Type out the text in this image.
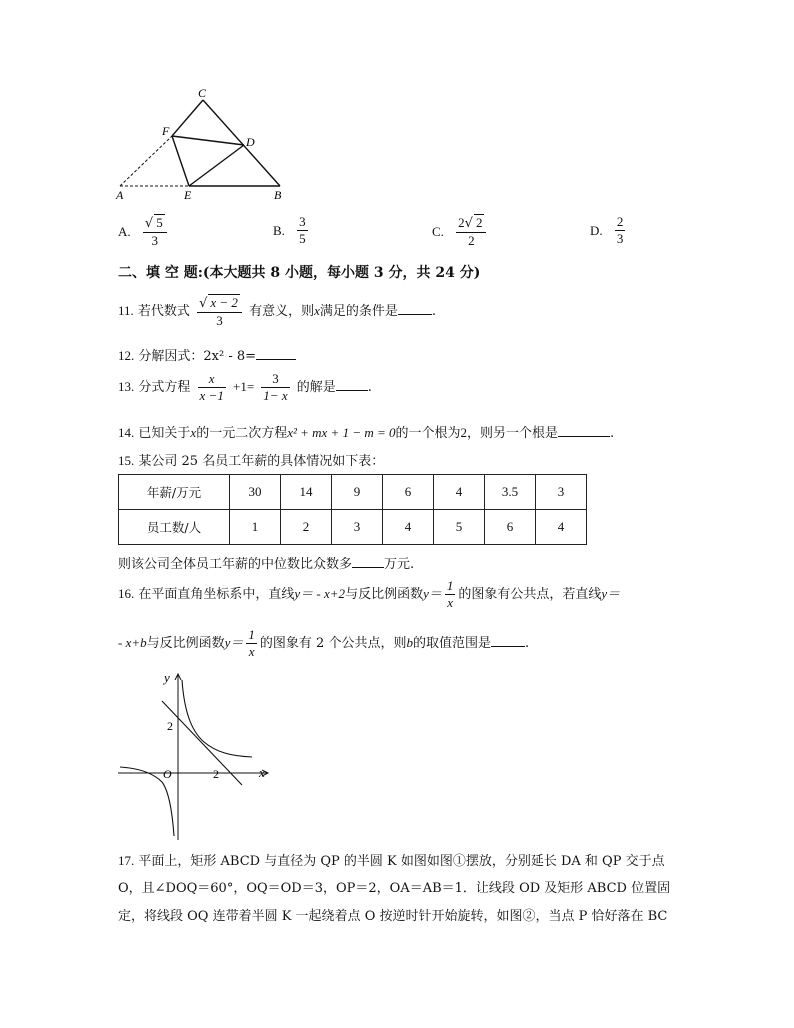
C
F
D
A	E	B
A. $\frac{√ 5}{3}$	B. $\frac{3}{5}$	C. $\frac{2√ 2}{2}$	D. $\frac{2}{3}$
二、填 空 题:(本大题共 8 小题，每小题 3 分，共 24 分)
11. 若代数式 $\frac{√ x - 2}{3}$ 有意义，则x满足的条件是	.
12. 分解因式：2x² - 8=
13. 分式方程 $\frac{x}{x -1} +1= \frac{3}{1- x}$ 的解是 .
14. 已知关于x的一元二次方程x² + mx + 1 − m = 0的一个根为2，则另一个根是	.
15. 某公司 25 名员工年薪的具体情况如下表：
年薪/万元	30	14	9	6	4	3.5	3
员工数/人	1	2	3	4	5	6	4
则该公司全体员工年薪的中位数比众数多 万元.
16. 在平面直角坐标系中，直线y＝ - x+2与反比例函数$y= \frac{1}{x}$ 的图象有公共点，若直线y＝
- x+b与反比例函数$y= \frac{1}{x}$ 的图象有 2 个公共点，则b的取值范围是	.
y
x
O
2
2
17. 平面上，矩形 ABCD 与直径为 QP 的半圆 K 如图如图①摆放，分别延长 DA 和 QP 交于点
O，且∠DOQ＝60°，OQ＝OD＝3，OP＝2，OA＝AB＝1．让线段 OD 及矩形 ABCD 位置固
定，将线段 OQ 连带着半圆 K 一起绕着点 O 按逆时针开始旋转，如图②，当点 P 恰好落在 BC
